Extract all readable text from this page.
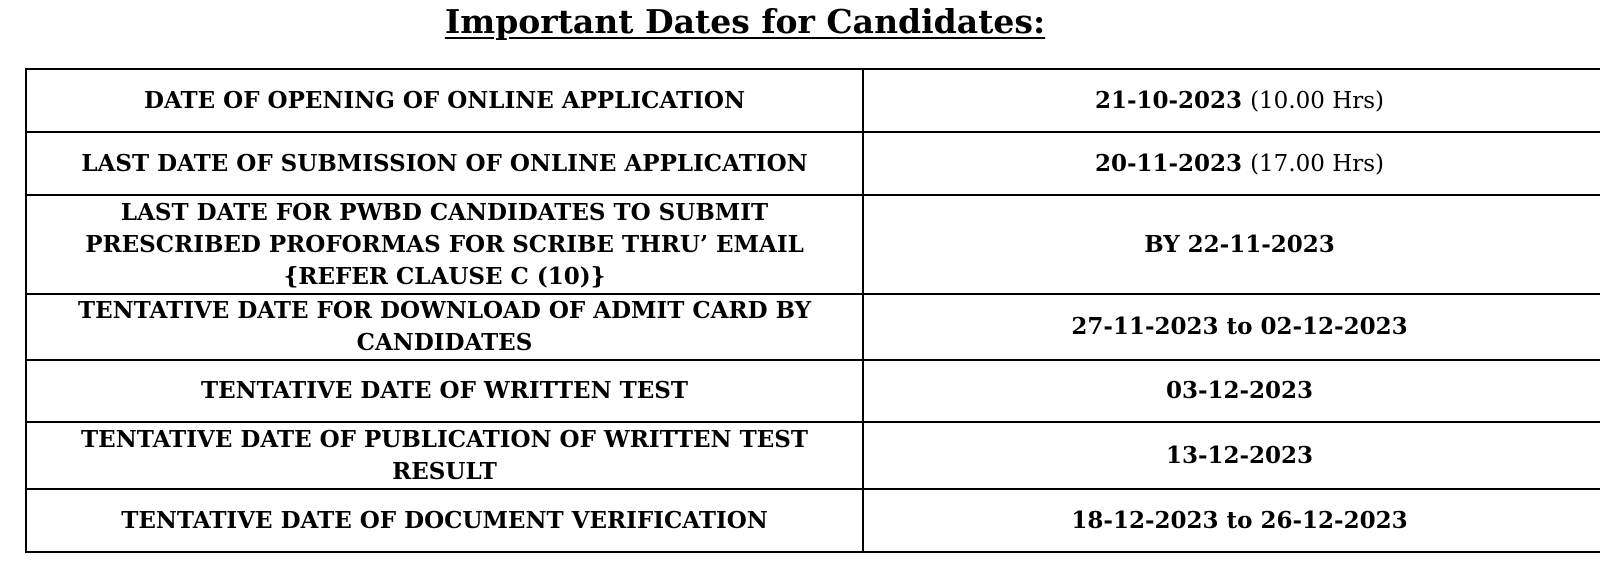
Important Dates for Candidates:
DATE OF OPENING OF ONLINE APPLICATION	21-10-2023 (10.00 Hrs)
LAST DATE OF SUBMISSION OF ONLINE APPLICATION	20-11-2023 (17.00 Hrs)
LAST DATE FOR PWBD CANDIDATES TO SUBMIT PRESCRIBED PROFORMAS FOR SCRIBE THRU’ EMAIL {REFER CLAUSE C (10)}	BY 22-11-2023
TENTATIVE DATE FOR DOWNLOAD OF ADMIT CARD BY CANDIDATES	27-11-2023 to 02-12-2023
TENTATIVE DATE OF WRITTEN TEST	03-12-2023
TENTATIVE DATE OF PUBLICATION OF WRITTEN TEST RESULT	13-12-2023
TENTATIVE DATE OF DOCUMENT VERIFICATION	18-12-2023 to 26-12-2023
